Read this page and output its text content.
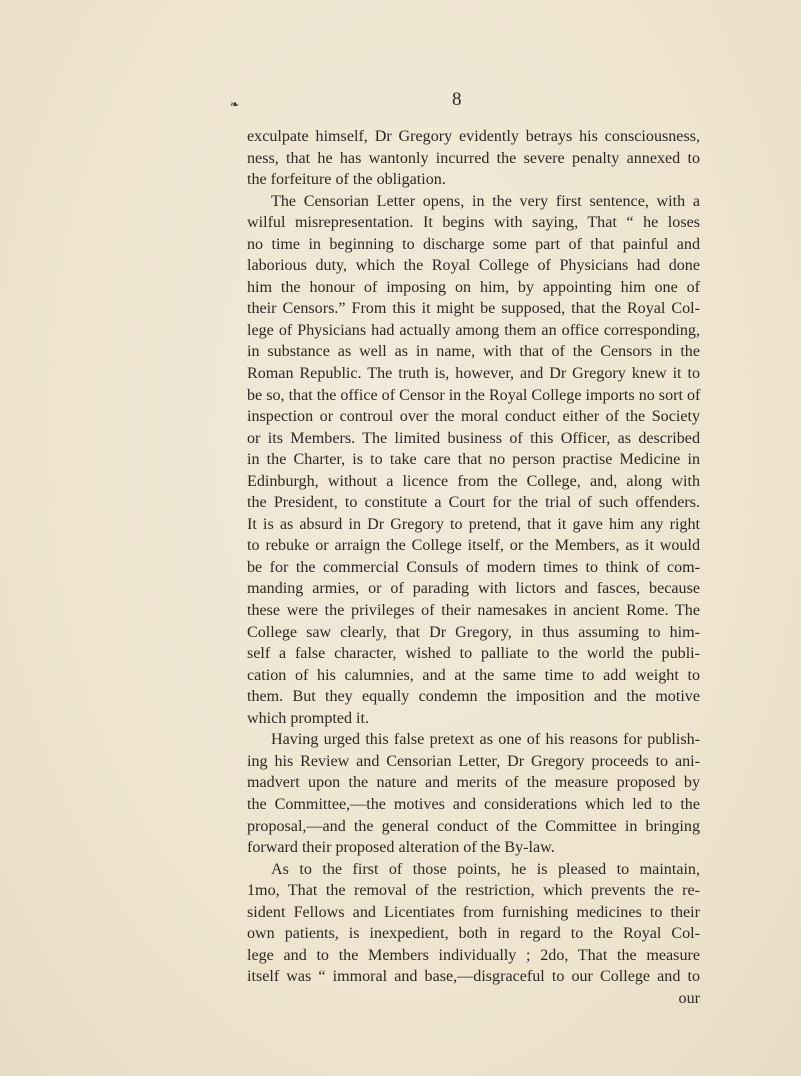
❧	8
exculpate himself, Dr Gregory evidently betrays his consciousness,
ness, that he has wantonly incurred the severe penalty annexed to
the forfeiture of the obligation.
The Censorian Letter opens, in the very first sentence, with a
wilful misrepresentation. It begins with saying, That “ he loses
no time in beginning to discharge some part of that painful and
laborious duty, which the Royal College of Physicians had done
him the honour of imposing on him, by appointing him one of
their Censors.” From this it might be supposed, that the Royal Col-
lege of Physicians had actually among them an office corresponding,
in substance as well as in name, with that of the Censors in the
Roman Republic. The truth is, however, and Dr Gregory knew it to
be so, that the office of Censor in the Royal College imports no sort of
inspection or controul over the moral conduct either of the Society
or its Members. The limited business of this Officer, as described
in the Charter, is to take care that no person practise Medicine in
Edinburgh, without a licence from the College, and, along with
the President, to constitute a Court for the trial of such offenders.
It is as absurd in Dr Gregory to pretend, that it gave him any right
to rebuke or arraign the College itself, or the Members, as it would
be for the commercial Consuls of modern times to think of com-
manding armies, or of parading with lictors and fasces, because
these were the privileges of their namesakes in ancient Rome. The
College saw clearly, that Dr Gregory, in thus assuming to him-
self a false character, wished to palliate to the world the publi-
cation of his calumnies, and at the same time to add weight to
them. But they equally condemn the imposition and the motive
which prompted it.
Having urged this false pretext as one of his reasons for publish-
ing his Review and Censorian Letter, Dr Gregory proceeds to ani-
madvert upon the nature and merits of the measure proposed by
the Committee,—the motives and considerations which led to the
proposal,—and the general conduct of the Committee in bringing
forward their proposed alteration of the By-law.
As to the first of those points, he is pleased to maintain,
1mo, That the removal of the restriction, which prevents the re-
sident Fellows and Licentiates from furnishing medicines to their
own patients, is inexpedient, both in regard to the Royal Col-
lege and to the Members individually ; 2do, That the measure
itself was “ immoral and base,—disgraceful to our College and to
our
